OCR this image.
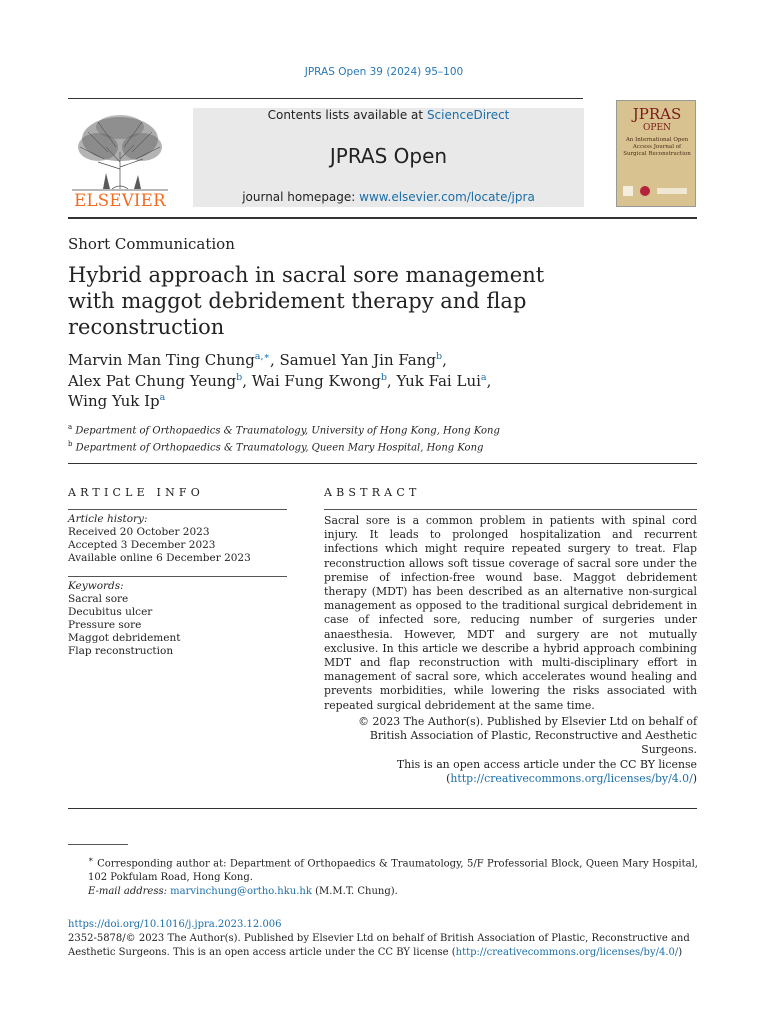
JPRAS Open 39 (2024) 95–100
ELSEVIER
Contents lists available at ScienceDirect
JPRAS Open
journal homepage: www.elsevier.com/locate/jpra
JPRAS
OPEN
An International Open Access Journal of Surgical Reconstruction
Short Communication
Hybrid approach in sacral sore management with maggot debridement therapy and flap reconstruction
Marvin Man Ting Chung$^{a,∗}$, Samuel Yan Jin Fang$^b$,
Alex Pat Chung Yeung$^b$, Wai Fung Kwong$^b$, Yuk Fai Lui$^a$,
Wing Yuk Ip$^a$
$^a$ Department of Orthopaedics & Traumatology, University of Hong Kong, Hong Kong
$^b$ Department of Orthopaedics & Traumatology, Queen Mary Hospital, Hong Kong
ARTICLE INFO	ABSTRACT
Article history:
Received 20 October 2023
Accepted 3 December 2023
Available online 6 December 2023
Keywords:
Sacral sore
Decubitus ulcer
Pressure sore
Maggot debridement
Flap reconstruction
Sacral sore is a common problem in patients with spinal cord injury. It leads to prolonged hospitalization and recurrent infections which might require repeated surgery to treat. Flap reconstruction allows soft tissue coverage of sacral sore under the premise of infection-free wound base. Maggot debridement therapy (MDT) has been described as an alternative non-surgical management as opposed to the traditional surgical debridement in case of infected sore, reducing number of surgeries under anaesthesia. However, MDT and surgery are not mutually exclusive. In this article we describe a hybrid approach combining MDT and flap reconstruction with multi-disciplinary effort in management of sacral sore, which accelerates wound healing and prevents morbidities, while lowering the risks associated with repeated surgical debridement at the same time.
© 2023 The Author(s). Published by Elsevier Ltd on behalf of
British Association of Plastic, Reconstructive and Aesthetic
Surgeons.
This is an open access article under the CC BY license
(http://creativecommons.org/licenses/by/4.0/)
∗ Corresponding author at: Department of Orthopaedics & Traumatology, 5/F Professorial Block, Queen Mary Hospital, 102 Pokfulam Road, Hong Kong.
E-mail address: marvinchung@ortho.hku.hk (M.M.T. Chung).
https://doi.org/10.1016/j.jpra.2023.12.006
2352-5878/© 2023 The Author(s). Published by Elsevier Ltd on behalf of British Association of Plastic, Reconstructive and
Aesthetic Surgeons. This is an open access article under the CC BY license (http://creativecommons.org/licenses/by/4.0/)
